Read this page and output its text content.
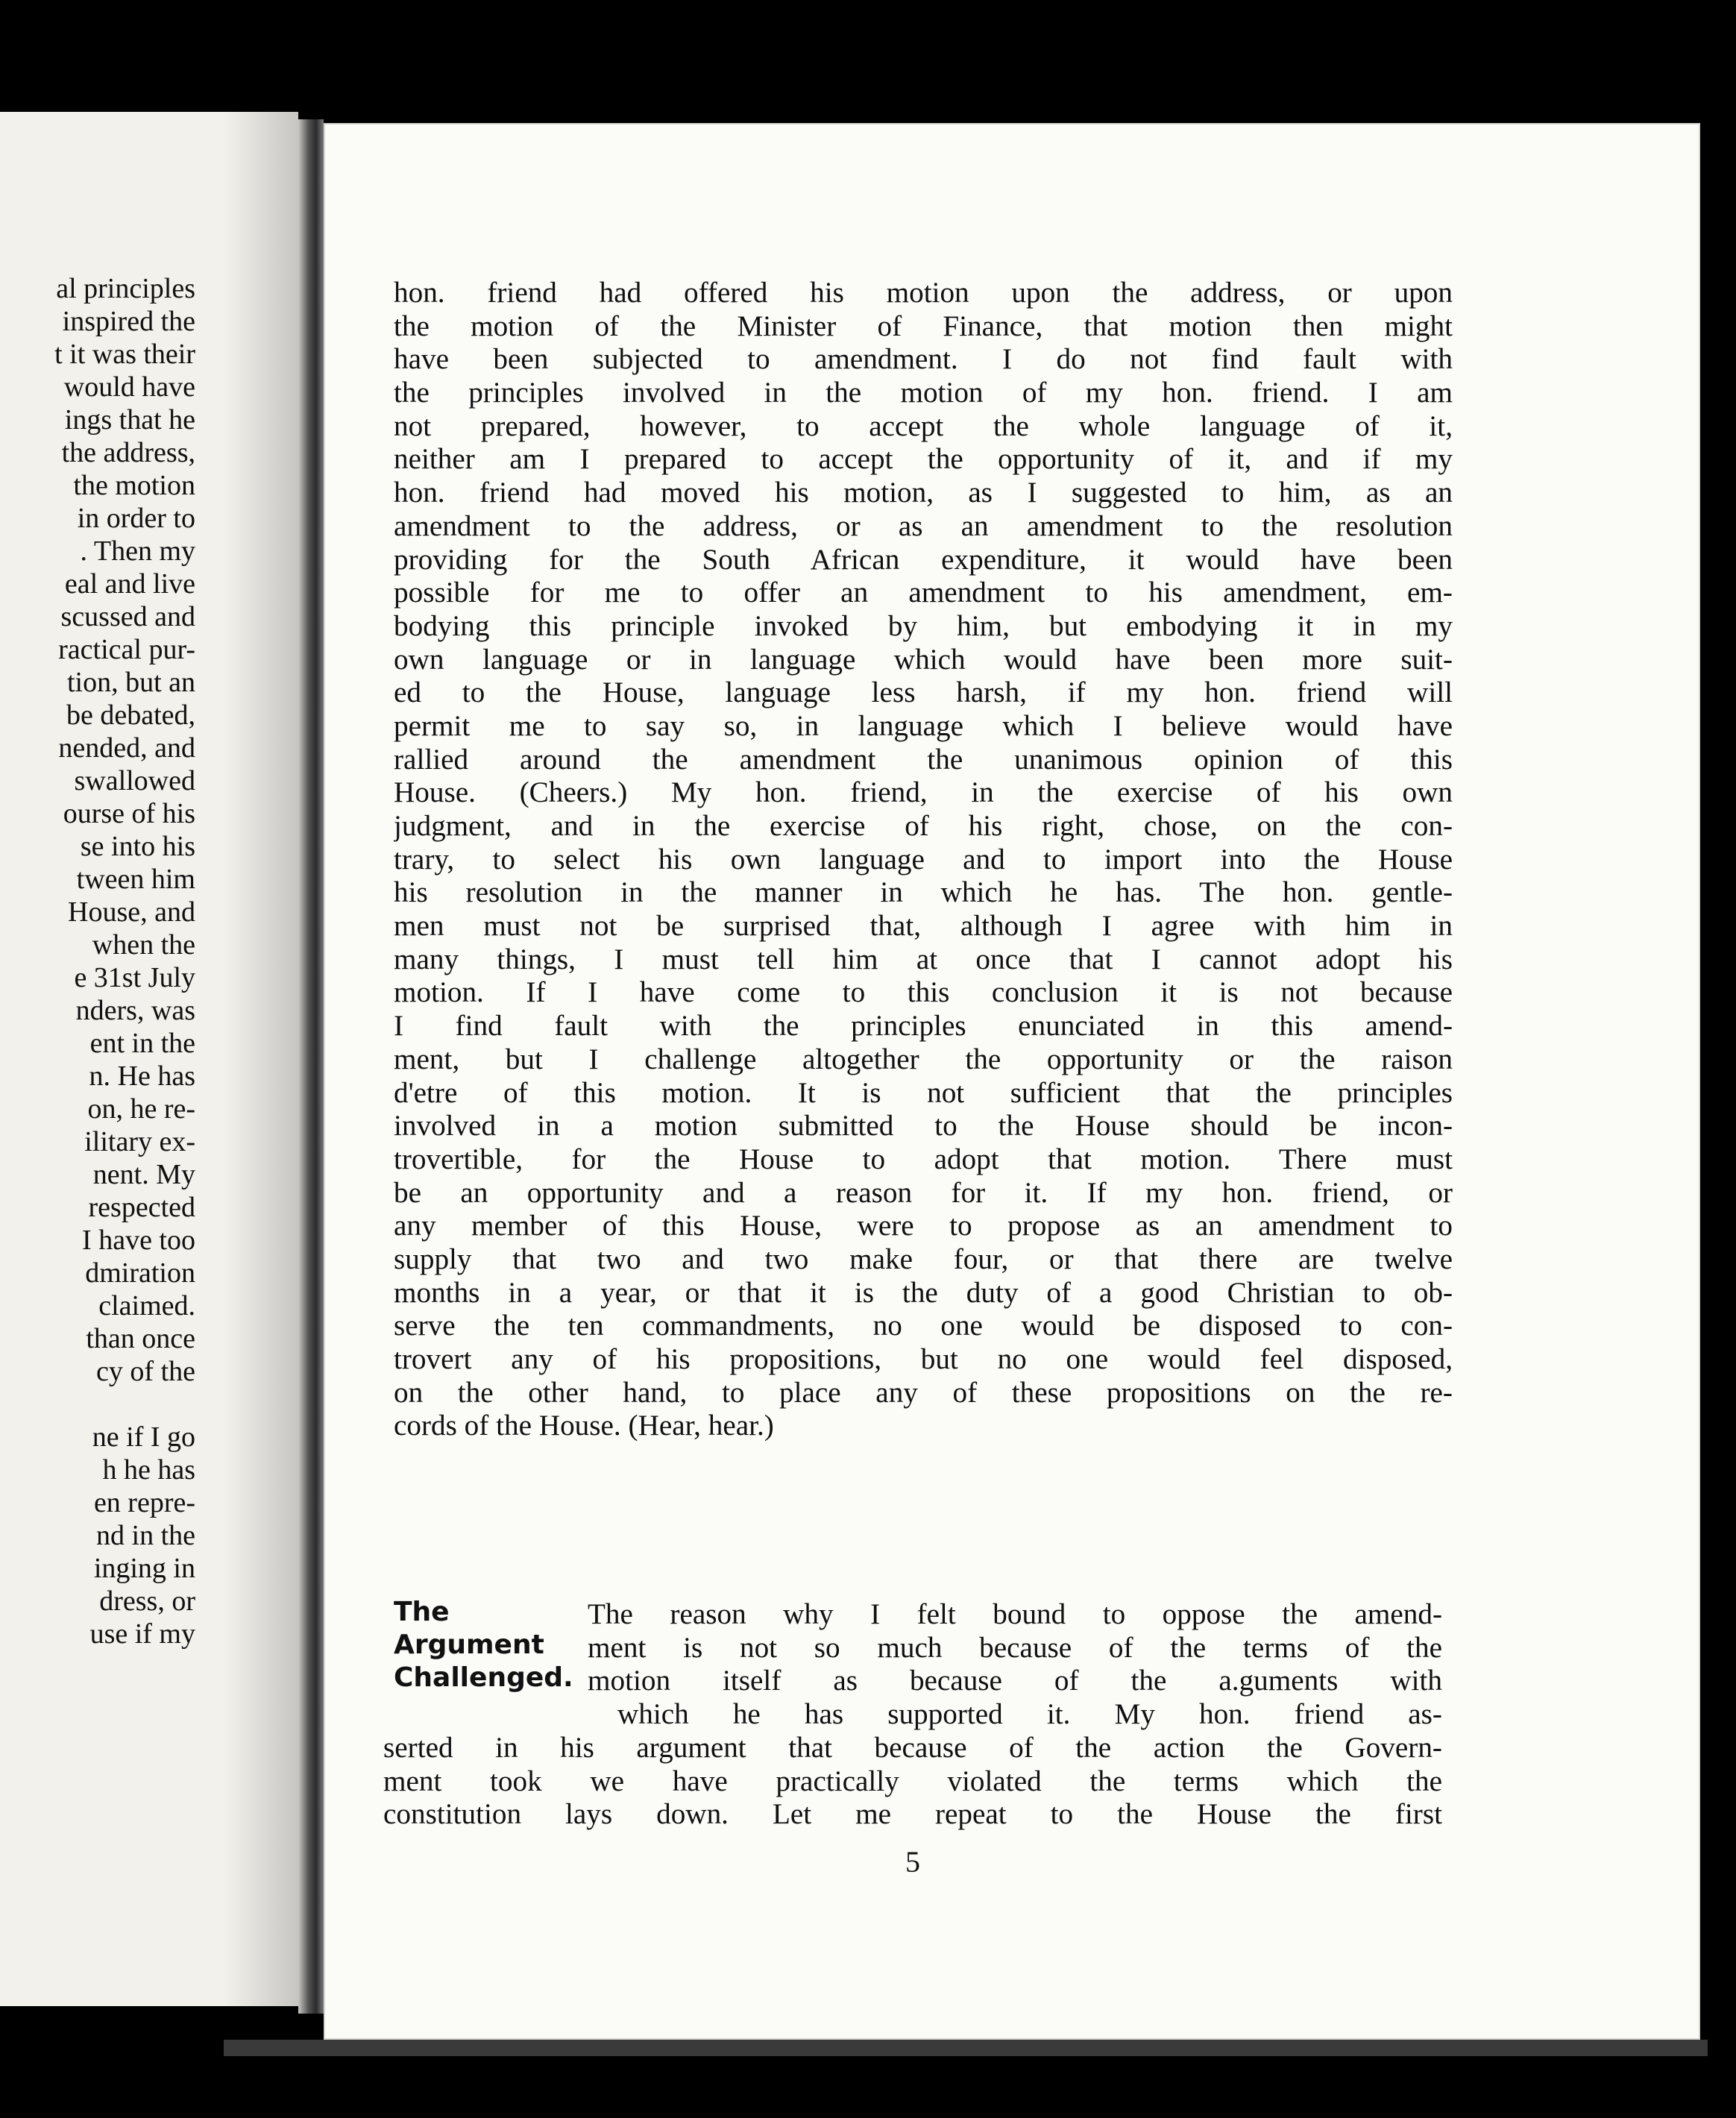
al principles
inspired the
t it was their
would have
ings that he
the address,
the motion
in order to
. Then my
eal and live
scussed and
ractical pur-
tion, but an
be debated,
nended, and
swallowed
ourse of his
se into his
tween him
House, and
when the
e 31st July
nders, was
ent in the
n. He has
on, he re-
ilitary ex-
nent. My
respected
I have too
dmiration
claimed.
than once
cy of the
ne if I go
h he has
en repre-
nd in the
inging in
dress, or
use if my
hon. friend had offered his motion upon the address, or upon
the motion of the Minister of Finance, that motion then might
have been subjected to amendment. I do not find fault with
the principles involved in the motion of my hon. friend. I am
not prepared, however, to accept the whole language of it,
neither am I prepared to accept the opportunity of it, and if my
hon. friend had moved his motion, as I suggested to him, as an
amendment to the address, or as an amendment to the resolution
providing for the South African expenditure, it would have been
possible for me to offer an amendment to his amendment, em-
bodying this principle invoked by him, but embodying it in my
own language or in language which would have been more suit-
ed to the House, language less harsh, if my hon. friend will
permit me to say so, in language which I believe would have
rallied around the amendment the unanimous opinion of this
House. (Cheers.) My hon. friend, in the exercise of his own
judgment, and in the exercise of his right, chose, on the con-
trary, to select his own language and to import into the House
his resolution in the manner in which he has. The hon. gentle-
men must not be surprised that, although I agree with him in
many things, I must tell him at once that I cannot adopt his
motion. If I have come to this conclusion it is not because
I find fault with the principles enunciated in this amend-
ment, but I challenge altogether the opportunity or the raison
d'etre of this motion. It is not sufficient that the principles
involved in a motion submitted to the House should be incon-
trovertible, for the House to adopt that motion. There must
be an opportunity and a reason for it. If my hon. friend, or
any member of this House, were to propose as an amendment to
supply that two and two make four, or that there are twelve
months in a year, or that it is the duty of a good Christian to ob-
serve the ten commandments, no one would be disposed to con-
trovert any of his propositions, but no one would feel disposed,
on the other hand, to place any of these propositions on the re-
cords of the House. (Hear, hear.)
The
Argument
Challenged.
The reason why I felt bound to oppose the amend-
ment is not so much because of the terms of the
motion itself as because of the a.guments with
which he has supported it. My hon. friend as-
serted in his argument that because of the action the Govern-
ment took we have practically violated the terms which the
constitution lays down. Let me repeat to the House the first
5
